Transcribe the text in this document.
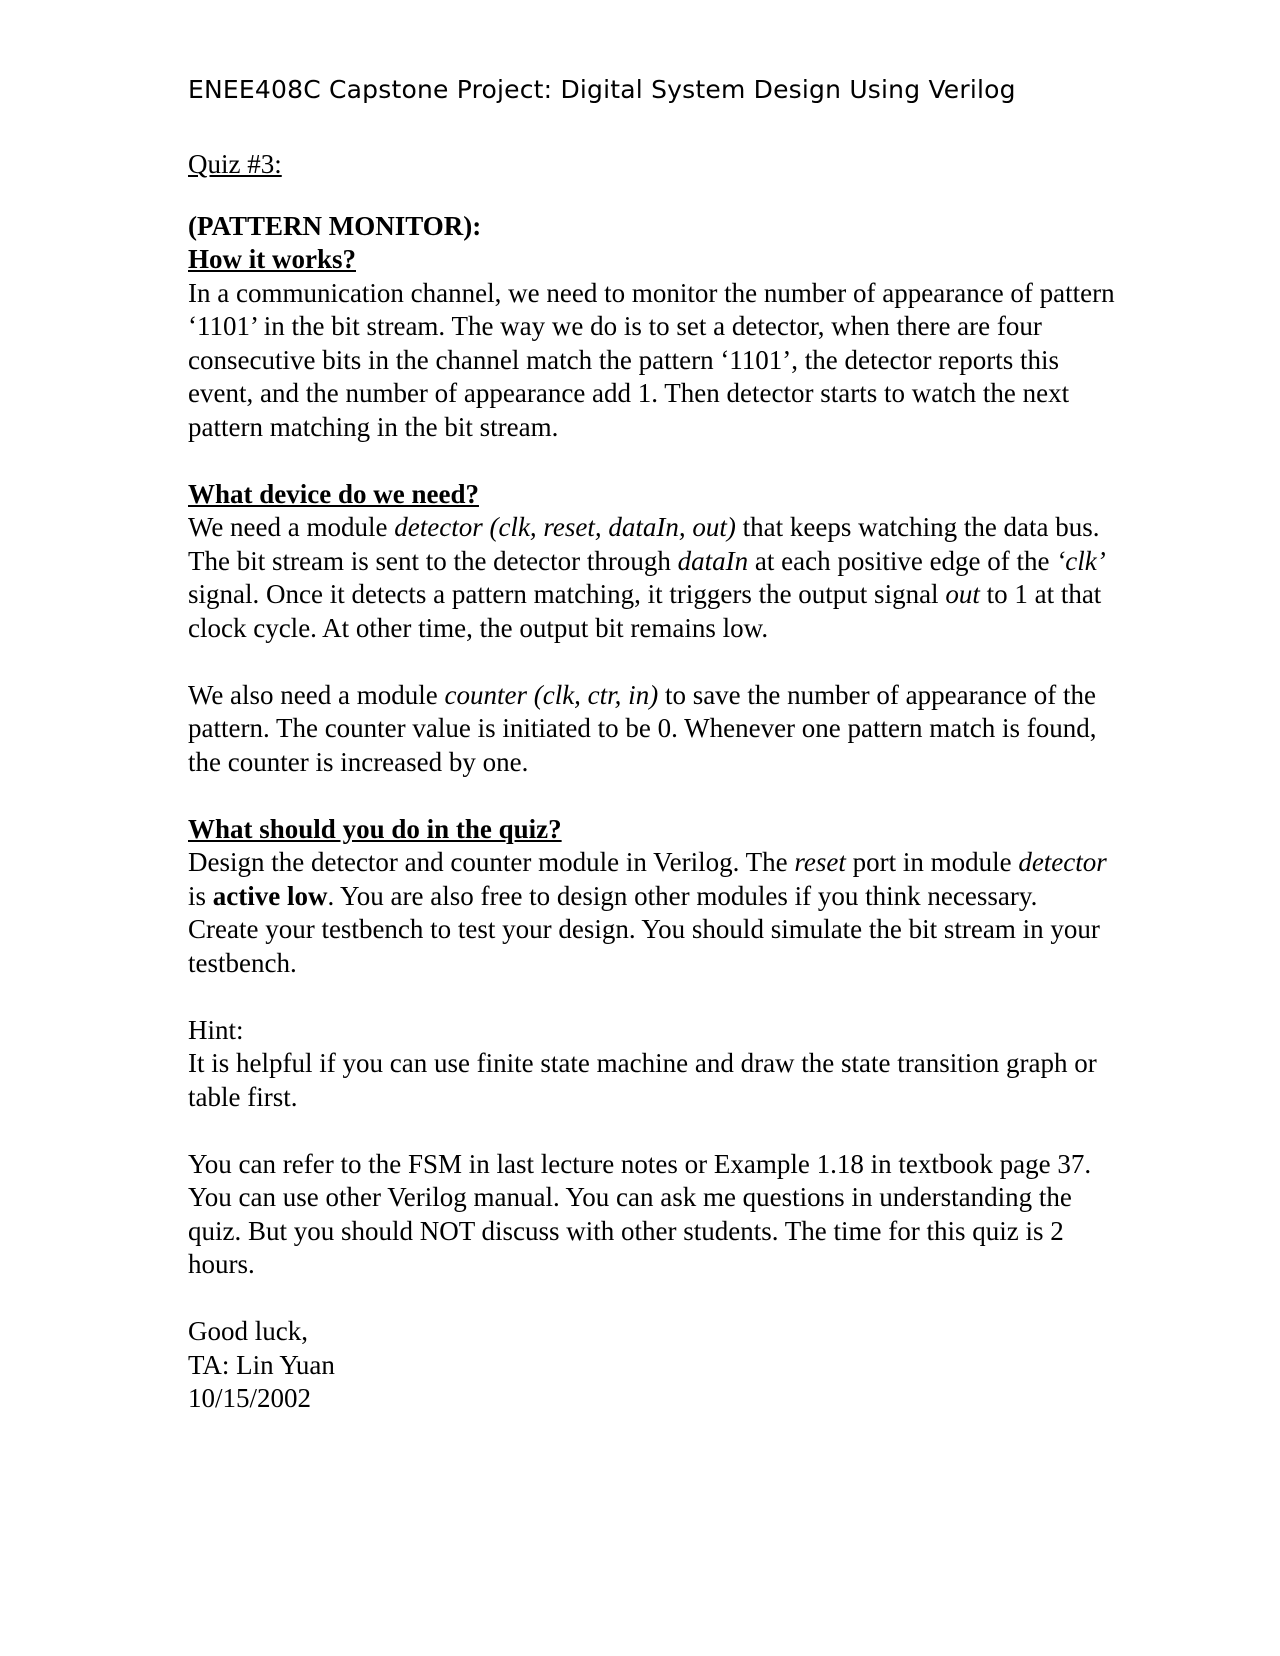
ENEE408C Capstone Project: Digital System Design Using Verilog

Quiz #3:

(PATTERN MONITOR):

How it works?

In a communication channel, we need to monitor the number of appearance of pattern ‘1101’ in the bit stream. The way we do is to set a detector, when there are four consecutive bits in the channel match the pattern ‘1101’, the detector reports this event, and the number of appearance add 1. Then detector starts to watch the next pattern matching in the bit stream.

What device do we need?

We need a module detector (clk, reset, dataIn, out) that keeps watching the data bus. The bit stream is sent to the detector through dataIn at each positive edge of the ‘clk’ signal. Once it detects a pattern matching, it triggers the output signal out to 1 at that clock cycle. At other time, the output bit remains low.

We also need a module counter (clk, ctr, in) to save the number of appearance of the pattern. The counter value is initiated to be 0. Whenever one pattern match is found, the counter is increased by one.

What should you do in the quiz?

Design the detector and counter module in Verilog. The reset port in module detector is active low. You are also free to design other modules if you think necessary.

Create your testbench to test your design. You should simulate the bit stream in your testbench.

Hint:

It is helpful if you can use finite state machine and draw the state transition graph or table first.

You can refer to the FSM in last lecture notes or Example 1.18 in textbook page 37. You can use other Verilog manual. You can ask me questions in understanding the quiz. But you should NOT discuss with other students. The time for this quiz is 2 hours.

Good luck,

TA: Lin Yuan

10/15/2002
